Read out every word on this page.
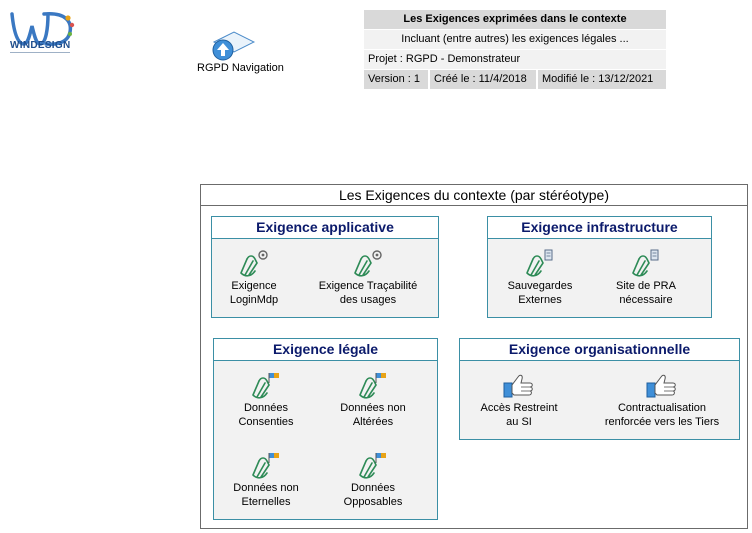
WINDESIGN
RGPD Navigation
Les Exigences exprimées dans le contexte
Incluant (entre autres) les exigences légales ...
Projet : RGPD - Demonstrateur
Version : 1	Créé le : 11/4/2018	Modifié le : 13/12/2021
Les Exigences du contexte (par stéréotype)
Exigence applicative
Exigence
LoginMdp
Exigence Traçabilité
des usages
Exigence infrastructure
Sauvegardes
Externes
Site de PRA
nécessaire
Exigence légale
Données
Consenties
Données non
Altérées
Données non
Eternelles
Données
Opposables
Exigence organisationnelle
Accès Restreint
au SI
Contractualisation
renforcée vers les Tiers
